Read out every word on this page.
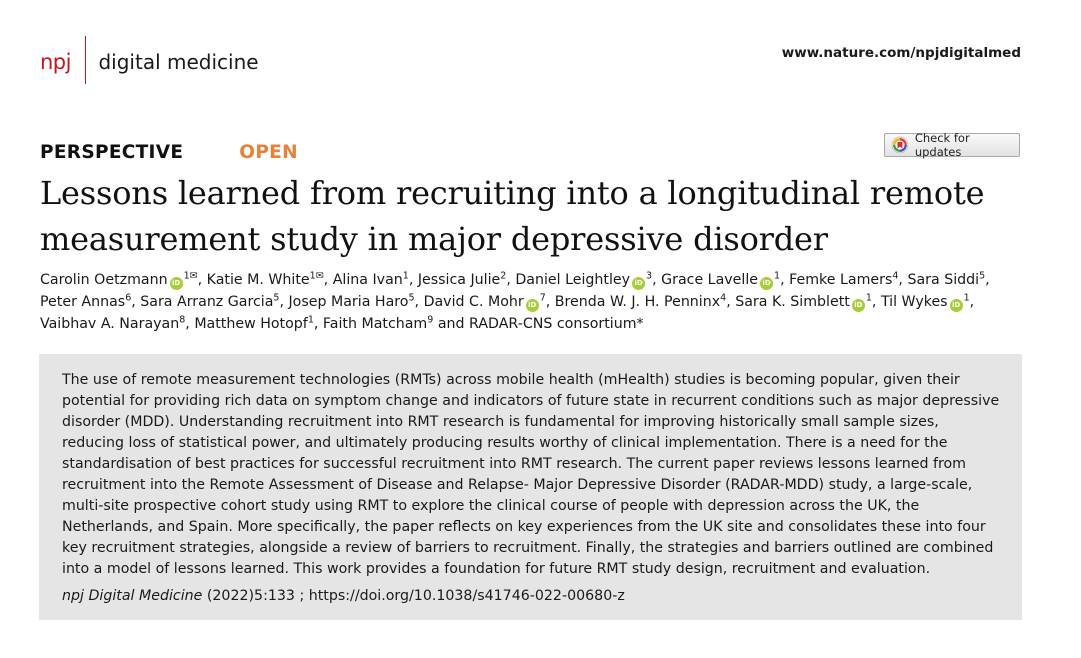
npj digital medicine	www.nature.com/npjdigitalmed
PERSPECTIVE	OPEN
Check for updates
Lessons learned from recruiting into a longitudinal remote measurement study in major depressive disorder
Carolin Oetzmann $iD^{1✉}$, Katie M. White$^{1✉}$, Alina Ivan$^1$, Jessica Julie$^2$, Daniel Leightley $iD^3$, Grace Lavelle $iD^1$, Femke Lamers$^4$, Sara Siddi$^5$, Peter Annas$^6$, Sara Arranz Garcia$^5$, Josep Maria Haro$^5$, David C. Mohr $iD^7$, Brenda W. J. H. Penninx$^4$, Sara K. Simblett $iD^1$, Til Wykes $iD^1$, Vaibhav A. Narayan$^8$, Matthew Hotopf$^1$, Faith Matcham$^9$ and RADAR-CNS consortium*

The use of remote measurement technologies (RMTs) across mobile health (mHealth) studies is becoming popular, given their potential for providing rich data on symptom change and indicators of future state in recurrent conditions such as major depressive disorder (MDD). Understanding recruitment into RMT research is fundamental for improving historically small sample sizes, reducing loss of statistical power, and ultimately producing results worthy of clinical implementation. There is a need for the standardisation of best practices for successful recruitment into RMT research. The current paper reviews lessons learned from recruitment into the Remote Assessment of Disease and Relapse- Major Depressive Disorder (RADAR-MDD) study, a large-scale, multi-site prospective cohort study using RMT to explore the clinical course of people with depression across the UK, the Netherlands, and Spain. More specifically, the paper reflects on key experiences from the UK site and consolidates these into four key recruitment strategies, alongside a review of barriers to recruitment. Finally, the strategies and barriers outlined are combined into a model of lessons learned. This work provides a foundation for future RMT study design, recruitment and evaluation.

npj Digital Medicine (2022)5:133 ; https://doi.org/10.1038/s41746-022-00680-z
